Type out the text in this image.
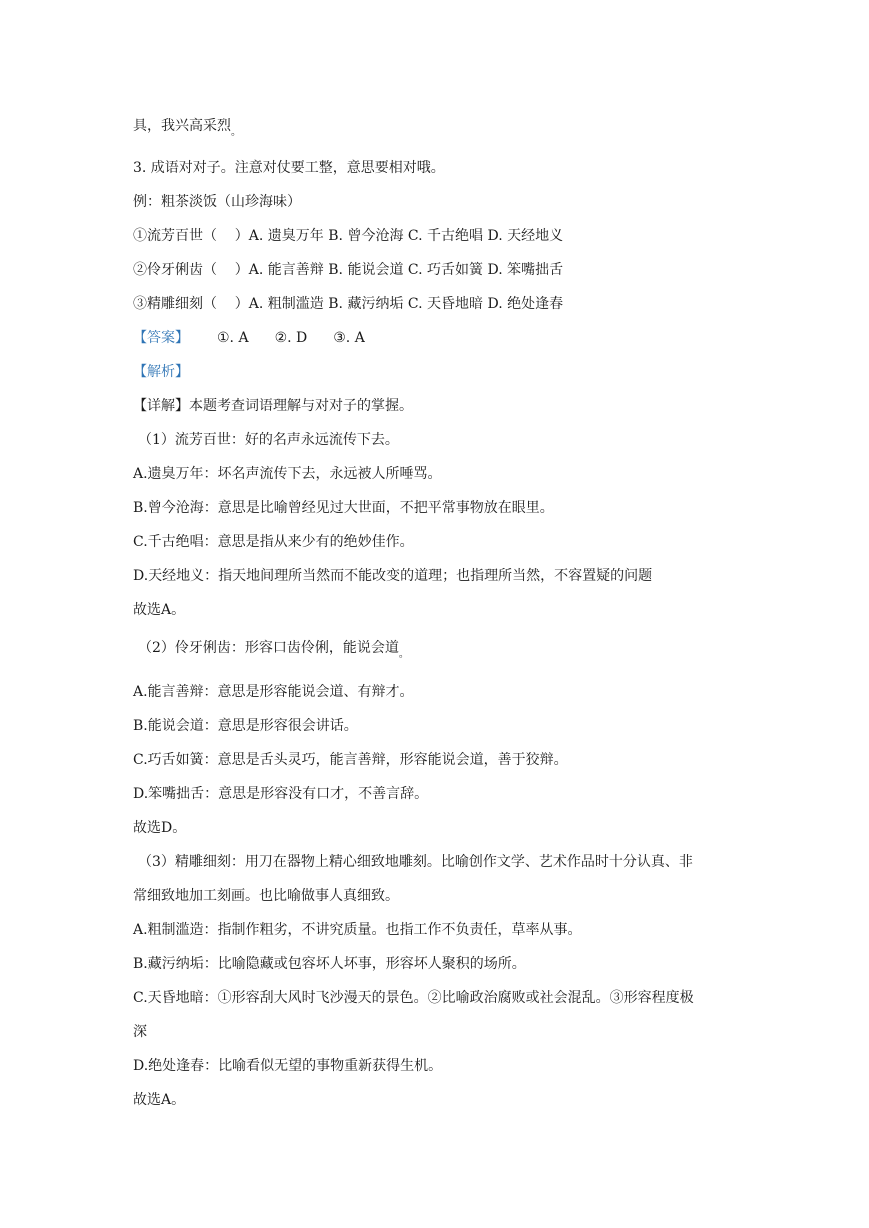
具，我兴高采烈$_。$
3. 成语对对子。注意对仗要工整，意思要相对哦。
例：粗茶淡饭（山珍海味）
①流芳百世（    ）A. 遗臭万年 B. 曾今沧海 C. 千古绝唱 D. 天经地义
②伶牙俐齿（    ）A. 能言善辩 B. 能说会道 C. 巧舌如簧 D. 笨嘴拙舌
③精雕细刻（    ）A. 粗制滥造 B. 藏污纳垢 C. 天昏地暗 D. 绝处逢春
【答案】 ①. A ②. D ③. A
【解析】
【详解】本题考查词语理解与对对子的掌握。
（1）流芳百世：好的名声永远流传下去。
A.遗臭万年：坏名声流传下去，永远被人所唾骂。
B.曾今沧海：意思是比喻曾经见过大世面，不把平常事物放在眼里。
C.千古绝唱：意思是指从来少有的绝妙佳作。
D.天经地义：指天地间理所当然而不能改变的道理；也指理所当然，不容置疑的问题
故选A。
（2）伶牙俐齿：形容口齿伶俐，能说会道$_。$
A.能言善辩：意思是形容能说会道、有辩才。
B.能说会道：意思是形容很会讲话。
C.巧舌如簧：意思是舌头灵巧，能言善辩，形容能说会道，善于狡辩。
D.笨嘴拙舌：意思是形容没有口才，不善言辞。
故选D。
（3）精雕细刻：用刀在器物上精心细致地雕刻。比喻创作文学、艺术作品时十分认真、非
常细致地加工刻画。也比喻做事人真细致。
A.粗制滥造：指制作粗劣，不讲究质量。也指工作不负责任，草率从事。
B.藏污纳垢：比喻隐藏或包容坏人坏事，形容坏人聚积的场所。
C.天昏地暗：①形容刮大风时飞沙漫天的景色。②比喻政治腐败或社会混乱。③形容程度极
深
D.绝处逢春：比喻看似无望的事物重新获得生机。
故选A。
